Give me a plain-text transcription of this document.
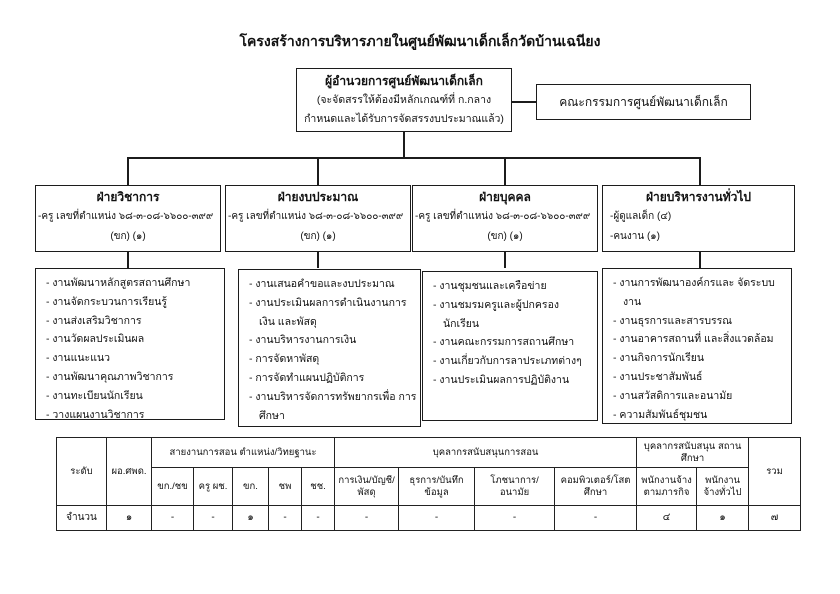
โครงสร้างการบริหารภายในศูนย์พัฒนาเด็กเล็กวัดบ้านเฉนียง
ผู้อำนวยการศูนย์พัฒนาเด็กเล็ก
(จะจัดสรรให้ต้องมีหลักเกณฑ์ที่ ก.กลาง
กำหนดและได้รับการจัดสรรงบประมาณแล้ว)
คณะกรรมการศูนย์พัฒนาเด็กเล็ก
ฝ่ายวิชาการ
-ครู เลขที่ตำแหน่ง ๖๘-๓-๐๘-๖๖๐๐-๓๙๙
(ขก) (๑)
ฝ่ายงบประมาณ
-ครู เลขที่ตำแหน่ง ๖๘-๓-๐๘-๖๖๐๐-๓๙๙
(ขก) (๑)
ฝ่ายบุคคล
-ครู เลขที่ตำแหน่ง ๖๘-๓-๐๘-๖๖๐๐-๓๙๙
(ขก) (๑)
ฝ่ายบริหารงานทั่วไป
-ผู้ดูแลเด็ก (๔)
-คนงาน (๑)
- งานพัฒนาหลักสูตรสถานศึกษา
- งานจัดกระบวนการเรียนรู้
- งานส่งเสริมวิชาการ
- งานวัดผลประเมินผล
- งานแนะแนว
- งานพัฒนาคุณภาพวิชาการ
- งานทะเบียนนักเรียน
- วางแผนงานวิชาการ
- งานเสนอคำขอและงบประมาณ
- งานประเมินผลการดำเนินงานการเงิน และพัสดุ
- งานบริหารงานการเงิน
- การจัดหาพัสดุ
- การจัดทำแผนปฏิบัติการ
- งานบริหารจัดการทรัพยากรเพื่อ การศึกษา
- งานชุมชนและเครือข่าย
- งานชมรมครูและผู้ปกครองนักเรียน
- งานคณะกรรมการสถานศึกษา
- งานเกี่ยวกับการลาประเภทต่างๆ
- งานประเมินผลการปฏิบัติงาน
- งานการพัฒนาองค์กรและ จัดระบบงาน
- งานธุรการและสารบรรณ
- งานอาคารสถานที่ และสิ่งแวดล้อม
- งานกิจการนักเรียน
- งานประชาสัมพันธ์
- งานสวัสดิการและอนามัย
- ความสัมพันธ์ชุมชน
ระดับ	ผอ.ศพด.	สายงานการสอน ตำแหน่ง/วิทยฐานะ					บุคลากรสนับสนุนการสอน				บุคลากรสนับสนุน สถานศึกษา		รวม
		ขก./ชข	ครู ผช.	ขก.	ชพ	ชช.	การเงิน/บัญชี/พัสดุ	ธุรการ/บันทึกข้อมูล	โภชนาการ/อนามัย	คอมพิวเตอร์/โสตศึกษา	พนักงานจ้าง ตามภารกิจ	พนักงาน จ้างทั่วไป	
จำนวน	๑	-	-	๑	-	-	-	-	-	-	๔	๑	๗
